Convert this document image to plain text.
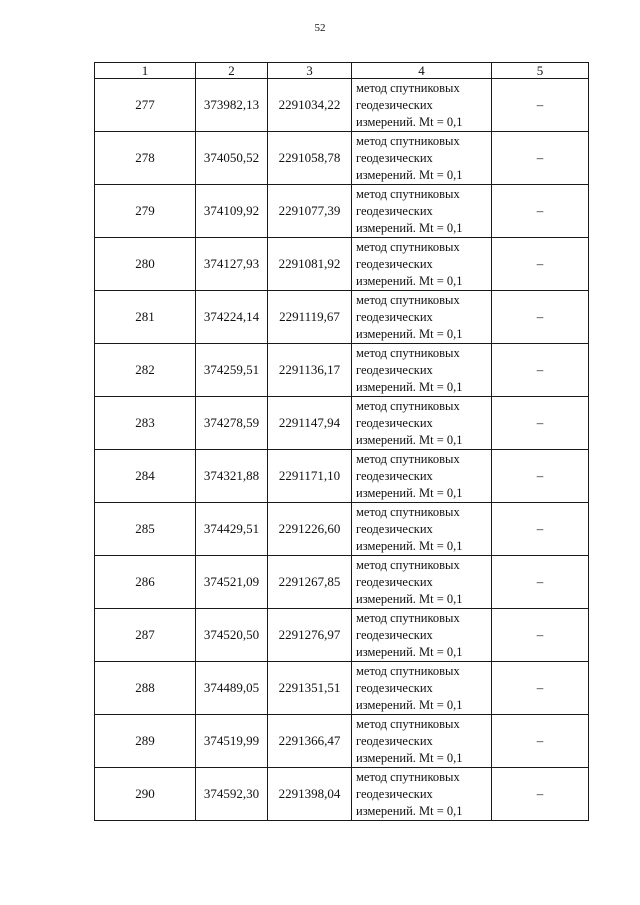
52
1	2	3	4	5
277	373982,13	2291034,22	метод спутниковых
геодезических
измерений. Mt = 0,1	–
278	374050,52	2291058,78	метод спутниковых
геодезических
измерений. Mt = 0,1	–
279	374109,92	2291077,39	метод спутниковых
геодезических
измерений. Mt = 0,1	–
280	374127,93	2291081,92	метод спутниковых
геодезических
измерений. Mt = 0,1	–
281	374224,14	2291119,67	метод спутниковых
геодезических
измерений. Mt = 0,1	–
282	374259,51	2291136,17	метод спутниковых
геодезических
измерений. Mt = 0,1	–
283	374278,59	2291147,94	метод спутниковых
геодезических
измерений. Mt = 0,1	–
284	374321,88	2291171,10	метод спутниковых
геодезических
измерений. Mt = 0,1	–
285	374429,51	2291226,60	метод спутниковых
геодезических
измерений. Mt = 0,1	–
286	374521,09	2291267,85	метод спутниковых
геодезических
измерений. Mt = 0,1	–
287	374520,50	2291276,97	метод спутниковых
геодезических
измерений. Mt = 0,1	–
288	374489,05	2291351,51	метод спутниковых
геодезических
измерений. Mt = 0,1	–
289	374519,99	2291366,47	метод спутниковых
геодезических
измерений. Mt = 0,1	–
290	374592,30	2291398,04	метод спутниковых
геодезических
измерений. Mt = 0,1	–
